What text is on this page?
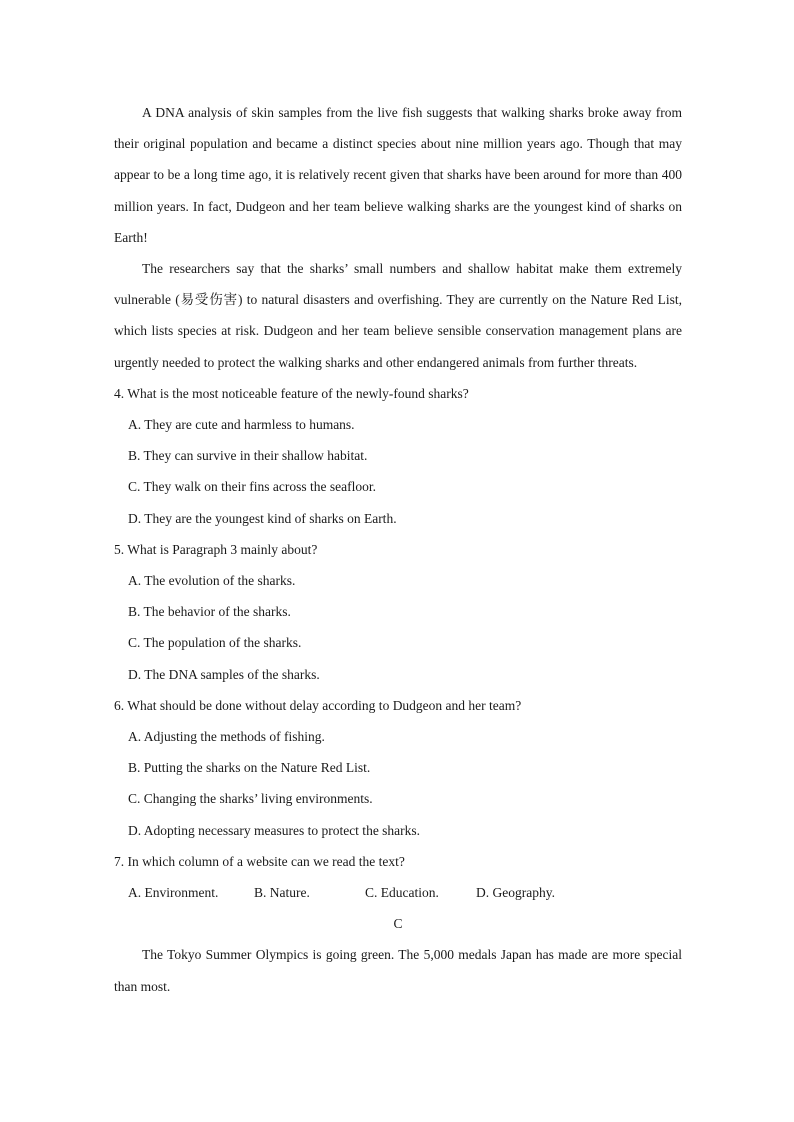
A DNA analysis of skin samples from the live fish suggests that walking sharks broke away from their original population and became a distinct species about nine million years ago. Though that may appear to be a long time ago, it is relatively recent given that sharks have been around for more than 400 million years. In fact, Dudgeon and her team believe walking sharks are the youngest kind of sharks on Earth!

The researchers say that the sharks’ small numbers and shallow habitat make them extremely vulnerable (易受伤害) to natural disasters and overfishing. They are currently on the Nature Red List, which lists species at risk. Dudgeon and her team believe sensible conservation management plans are urgently needed to protect the walking sharks and other endangered animals from further threats.

4. What is the most noticeable feature of the newly-found sharks?

A. They are cute and harmless to humans.

B. They can survive in their shallow habitat.

C. They walk on their fins across the seafloor.

D. They are the youngest kind of sharks on Earth.

5. What is Paragraph 3 mainly about?

A. The evolution of the sharks.

B. The behavior of the sharks.

C. The population of the sharks.

D. The DNA samples of the sharks.

6. What should be done without delay according to Dudgeon and her team?

A. Adjusting the methods of fishing.

B. Putting the sharks on the Nature Red List.

C. Changing the sharks’ living environments.

D. Adopting necessary measures to protect the sharks.

7. In which column of a website can we read the text?

A. Environment.	B. Nature.	C. Education.	D. Geography.

C

The Tokyo Summer Olympics is going green. The 5,000 medals Japan has made are more special than most.
